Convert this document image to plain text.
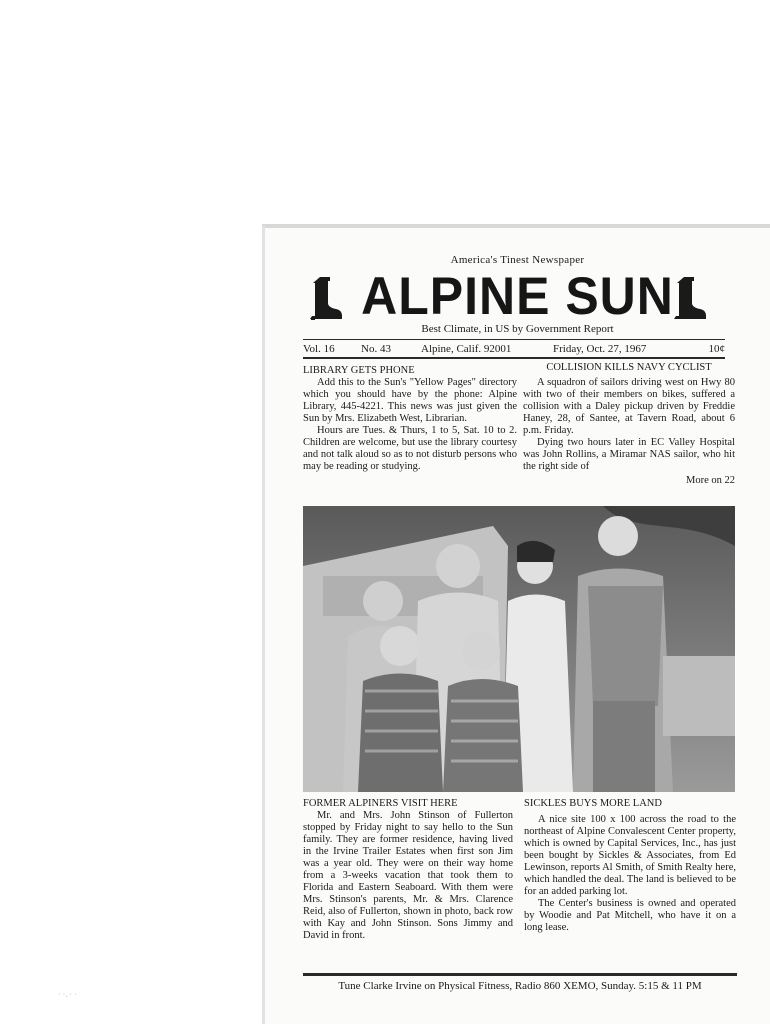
America's Tinest Newspaper
ALPINE SUN
Best Climate, in US by Government Report
Vol. 16 No. 43	Alpine, Calif. 92001	Friday, Oct. 27, 1967	10¢
LIBRARY GETS PHONE

Add this to the Sun's "Yellow Pages" directory which you should have by the phone: Alpine Library, 445-4221. This news was just given the Sun by Mrs. Elizabeth West, Librarian.

Hours are Tues. & Thurs, 1 to 5, Sat. 10 to 2. Children are welcome, but use the library courtesy and not talk aloud so as to not disturb persons who may be reading or studying.

COLLISION KILLS NAVY CYCLIST

A squadron of sailors driving west on Hwy 80 with two of their members on bikes, suffered a collision with a Daley pickup driven by Freddie Haney, 28, of Santee, at Tavern Road, about 6 p.m. Friday.

Dying two hours later in EC Valley Hospital was John Rollins, a Miramar NAS sailor, who hit the right side of

More on 22
FORMER ALPINERS VISIT HERE

Mr. and Mrs. John Stinson of Fullerton stopped by Friday night to say hello to the Sun family. They are former residence, having lived in the Irvine Trailer Estates when first son Jim was a year old. They were on their way home from a 3-weeks vacation that took them to Florida and Eastern Seaboard. With them were Mrs. Stinson's parents, Mr. & Mrs. Clarence Reid, also of Fullerton, shown in photo, back row with Kay and John Stinson. Sons Jimmy and David in front.

SICKLES BUYS MORE LAND

A nice site 100 x 100 across the road to the northeast of Alpine Convalescent Center property, which is owned by Capital Services, Inc., has just been bought by Sickles & Associates, from Ed Lewinson, reports Al Smith, of Smith Realty here, which handled the deal. The land is believed to be for an added parking lot.

The Center's business is owned and operated by Woodie and Pat Mitchell, who have it on a long lease.

Tune Clarke Irvine on Physical Fitness, Radio 860 XEMO, Sunday. 5:15 & 11 PM
· ·. · ·
